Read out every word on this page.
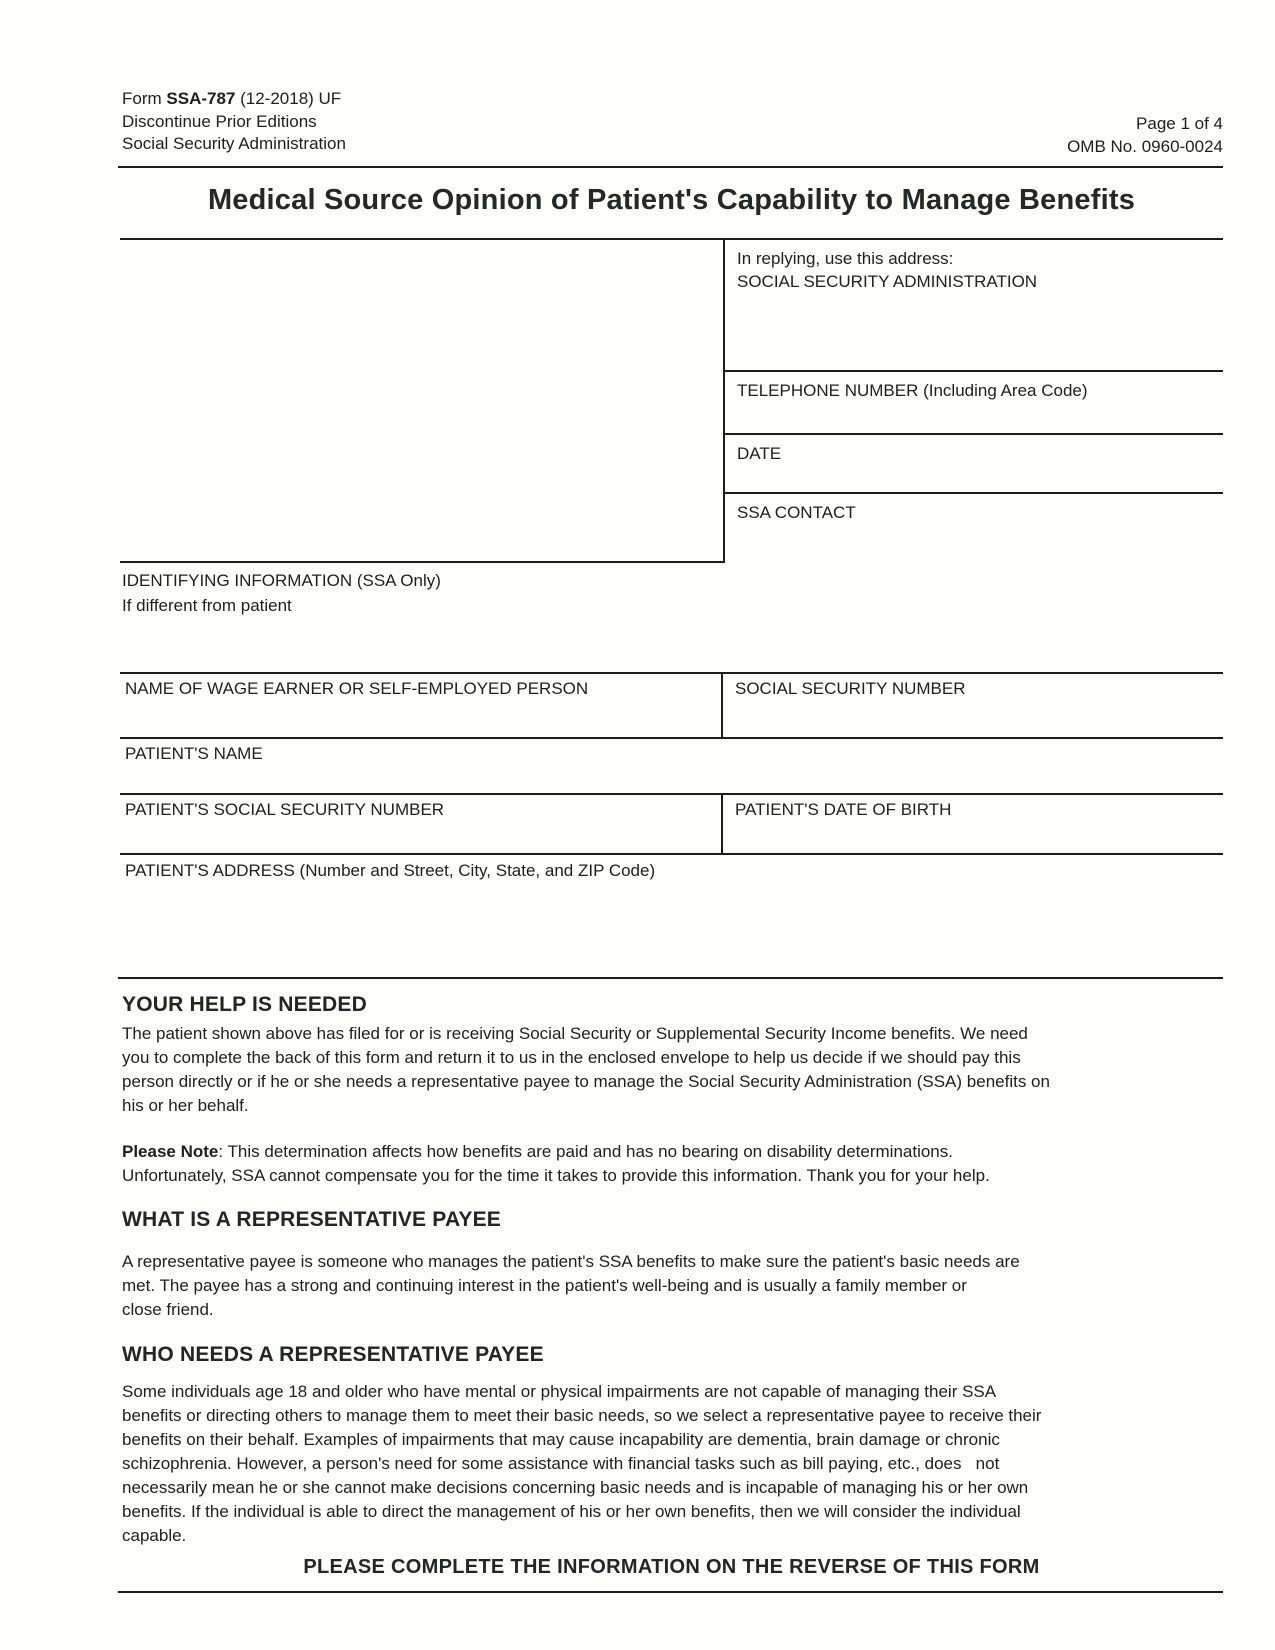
Form SSA-787 (12-2018) UF
Discontinue Prior Editions
Social Security Administration
Page 1 of 4
OMB No. 0960-0024
Medical Source Opinion of Patient's Capability to Manage Benefits
In replying, use this address:
SOCIAL SECURITY ADMINISTRATION
TELEPHONE NUMBER (Including Area Code)
DATE
SSA CONTACT
IDENTIFYING INFORMATION (SSA Only)
If different from patient
NAME OF WAGE EARNER OR SELF-EMPLOYED PERSON	SOCIAL SECURITY NUMBER
PATIENT'S NAME
PATIENT'S SOCIAL SECURITY NUMBER	PATIENT'S DATE OF BIRTH
PATIENT'S ADDRESS (Number and Street, City, State, and ZIP Code)
YOUR HELP IS NEEDED

The patient shown above has filed for or is receiving Social Security or Supplemental Security Income benefits. We need
you to complete the back of this form and return it to us in the enclosed envelope to help us decide if we should pay this
person directly or if he or she needs a representative payee to manage the Social Security Administration (SSA) benefits on
his or her behalf.

Please Note: This determination affects how benefits are paid and has no bearing on disability determinations.
Unfortunately, SSA cannot compensate you for the time it takes to provide this information. Thank you for your help.

WHAT IS A REPRESENTATIVE PAYEE

A representative payee is someone who manages the patient's SSA benefits to make sure the patient's basic needs are
met. The payee has a strong and continuing interest in the patient's well-being and is usually a family member or
close friend.

WHO NEEDS A REPRESENTATIVE PAYEE

Some individuals age 18 and older who have mental or physical impairments are not capable of managing their SSA
benefits or directing others to manage them to meet their basic needs, so we select a representative payee to receive their
benefits on their behalf. Examples of impairments that may cause incapability are dementia, brain damage or chronic
schizophrenia. However, a person's need for some assistance with financial tasks such as bill paying, etc., does   not
necessarily mean he or she cannot make decisions concerning basic needs and is incapable of managing his or her own
benefits. If the individual is able to direct the management of his or her own benefits, then we will consider the individual
capable.

PLEASE COMPLETE THE INFORMATION ON THE REVERSE OF THIS FORM
